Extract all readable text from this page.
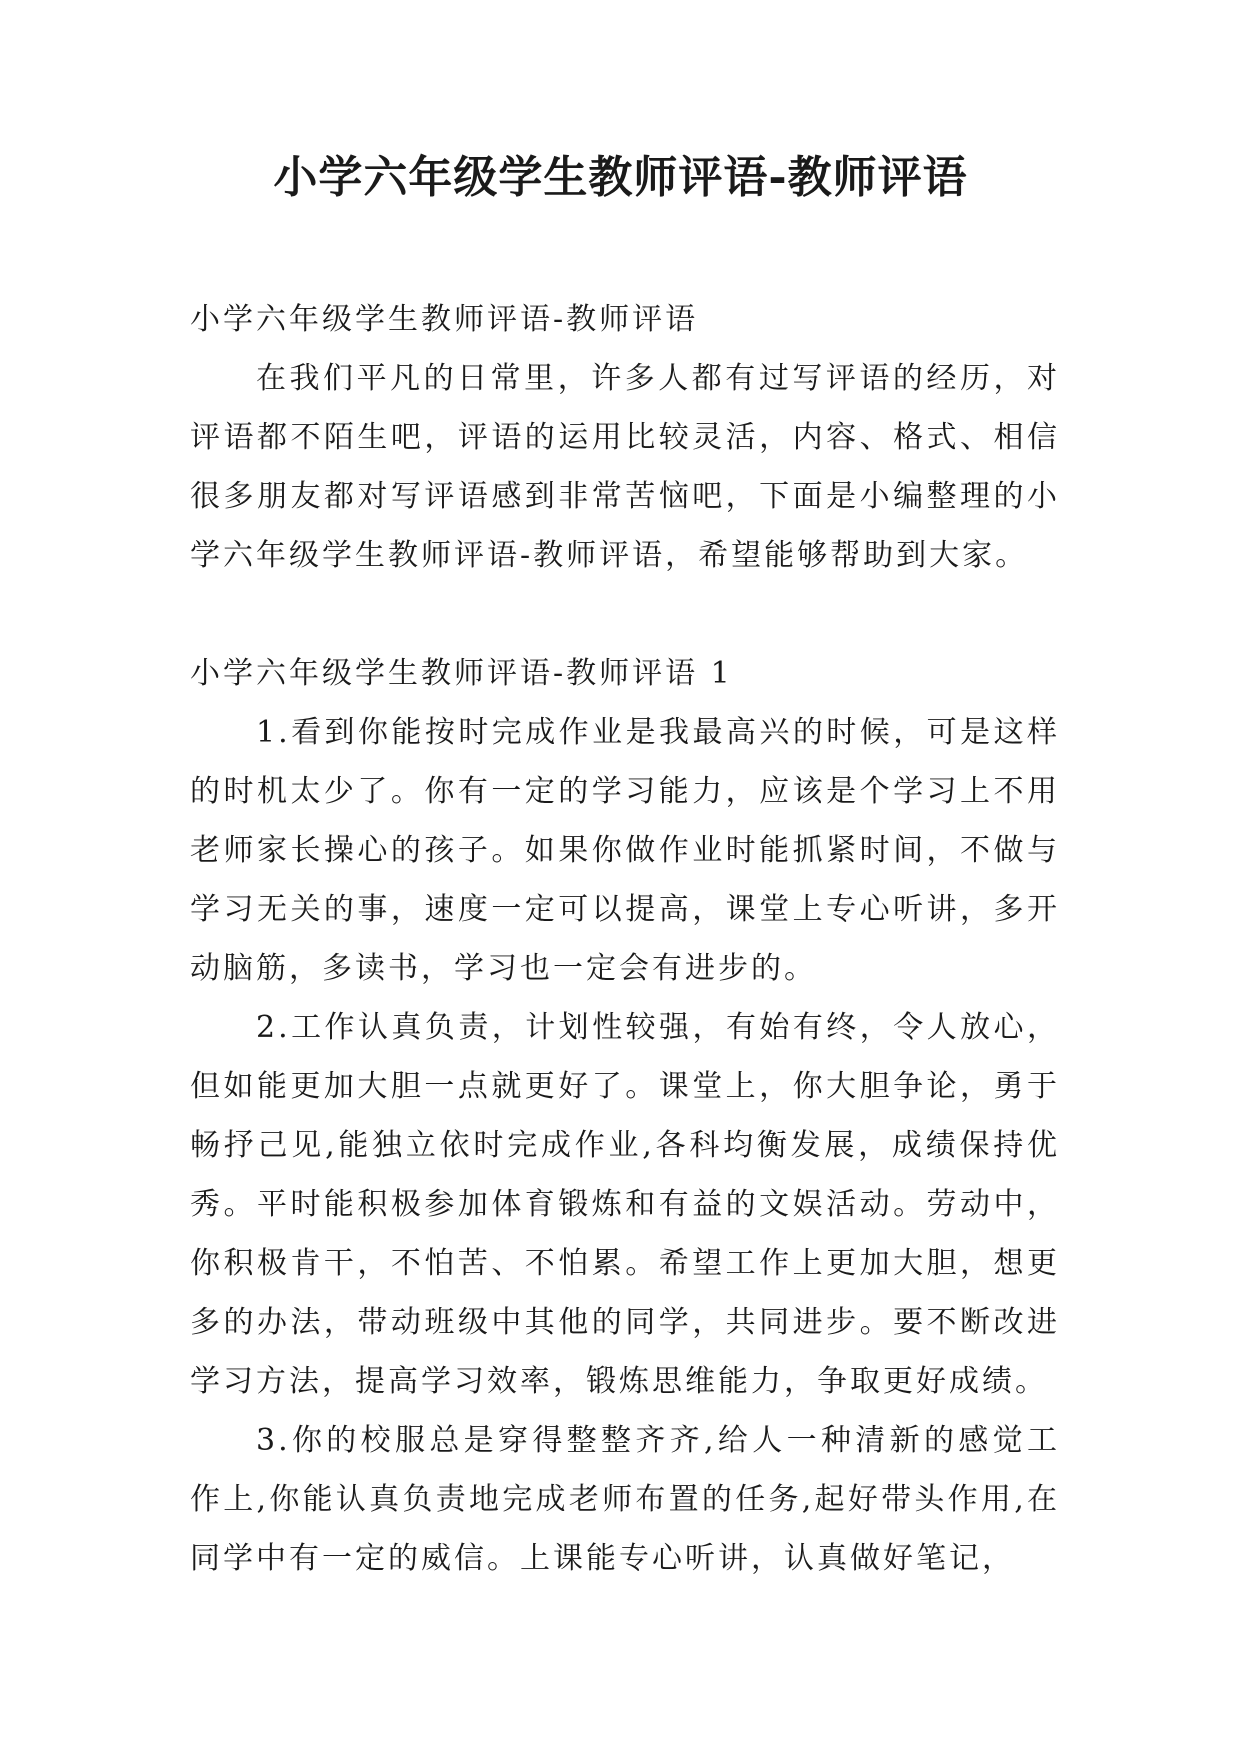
小学六年级学生教师评语-教师评语

小学六年级学生教师评语-教师评语

在我们平凡的日常里，许多人都有过写评语的经历，对评语都不陌生吧，评语的运用比较灵活，内容、格式、相信很多朋友都对写评语感到非常苦恼吧，下面是小编整理的小学六年级学生教师评语-教师评语，希望能够帮助到大家。

小学六年级学生教师评语-教师评语 1

1.看到你能按时完成作业是我最高兴的时候，可是这样的时机太少了。你有一定的学习能力，应该是个学习上不用老师家长操心的孩子。如果你做作业时能抓紧时间，不做与学习无关的事，速度一定可以提高，课堂上专心听讲，多开动脑筋，多读书，学习也一定会有进步的。

2.工作认真负责，计划性较强，有始有终，令人放心，但如能更加大胆一点就更好了。课堂上，你大胆争论，勇于畅抒己见,能独立依时完成作业,各科均衡发展，成绩保持优秀。平时能积极参加体育锻炼和有益的文娱活动。劳动中，你积极肯干，不怕苦、不怕累。希望工作上更加大胆，想更多的办法，带动班级中其他的同学，共同进步。要不断改进学习方法，提高学习效率，锻炼思维能力，争取更好成绩。

3.你的校服总是穿得整整齐齐,给人一种清新的感觉工作上,你能认真负责地完成老师布置的任务,起好带头作用,在同学中有一定的威信。上课能专心听讲，认真做好笔记，
